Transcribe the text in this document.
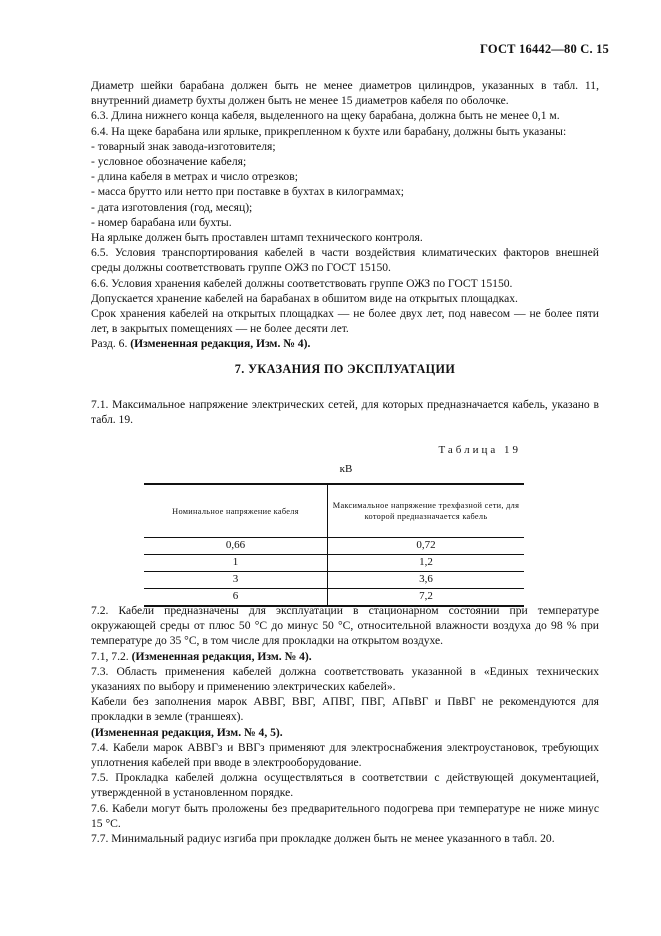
ГОСТ 16442—80 С. 15

Диаметр шейки барабана должен быть не менее диаметров цилиндров, указанных в табл. 11, внутренний диаметр бухты должен быть не менее 15 диаметров кабеля по оболочке.

6.3. Длина нижнего конца кабеля, выделенного на щеку барабана, должна быть не менее 0,1 м.

6.4. На щеке барабана или ярлыке, прикрепленном к бухте или барабану, должны быть указаны:

- товарный знак завода-изготовителя;

- условное обозначение кабеля;

- длина кабеля в метрах и число отрезков;

- масса брутто или нетто при поставке в бухтах в килограммах;

- дата изготовления (год, месяц);

- номер барабана или бухты.

На ярлыке должен быть проставлен штамп технического контроля.

6.5. Условия транспортирования кабелей в части воздействия климатических факторов внешней среды должны соответствовать группе ОЖЗ по ГОСТ 15150.

6.6. Условия хранения кабелей должны соответствовать группе ОЖЗ по ГОСТ 15150.

Допускается хранение кабелей на барабанах в обшитом виде на открытых площадках.

Срок хранения кабелей на открытых площадках — не более двух лет, под навесом — не более пяти лет, в закрытых помещениях — не более десяти лет.

Разд. 6. (Измененная редакция, Изм. № 4).

7. УКАЗАНИЯ ПО ЭКСПЛУАТАЦИИ

7.1. Максимальное напряжение электрических сетей, для которых предназначается кабель, указано в табл. 19.

Таблица 19
кВ
Номинальное напряжение кабеля	Максимальное напряжение трехфазной сети, для которой предназначается кабель
0,66	0,72
1	1,2
3	3,6
6	7,2

7.2. Кабели предназначены для эксплуатации в стационарном состоянии при температуре окружающей среды от плюс 50 °С до минус 50 °С, относительной влажности воздуха до 98 % при температуре до 35 °С, в том числе для прокладки на открытом воздухе.

7.1, 7.2. (Измененная редакция, Изм. № 4).

7.3. Область применения кабелей должна соответствовать указанной в «Единых технических указаниях по выбору и применению электрических кабелей».

Кабели без заполнения марок АВВГ, ВВГ, АПВГ, ПВГ, АПвВГ и ПвВГ не рекомендуются для прокладки в земле (траншеях).

(Измененная редакция, Изм. № 4, 5).

7.4. Кабели марок АВВГз и ВВГз применяют для электроснабжения электроустановок, требующих уплотнения кабелей при вводе в электрооборудование.

7.5. Прокладка кабелей должна осуществляться в соответствии с действующей документацией, утвержденной в установленном порядке.

7.6. Кабели могут быть проложены без предварительного подогрева при температуре не ниже минус 15 °С.

7.7. Минимальный радиус изгиба при прокладке должен быть не менее указанного в табл. 20.
